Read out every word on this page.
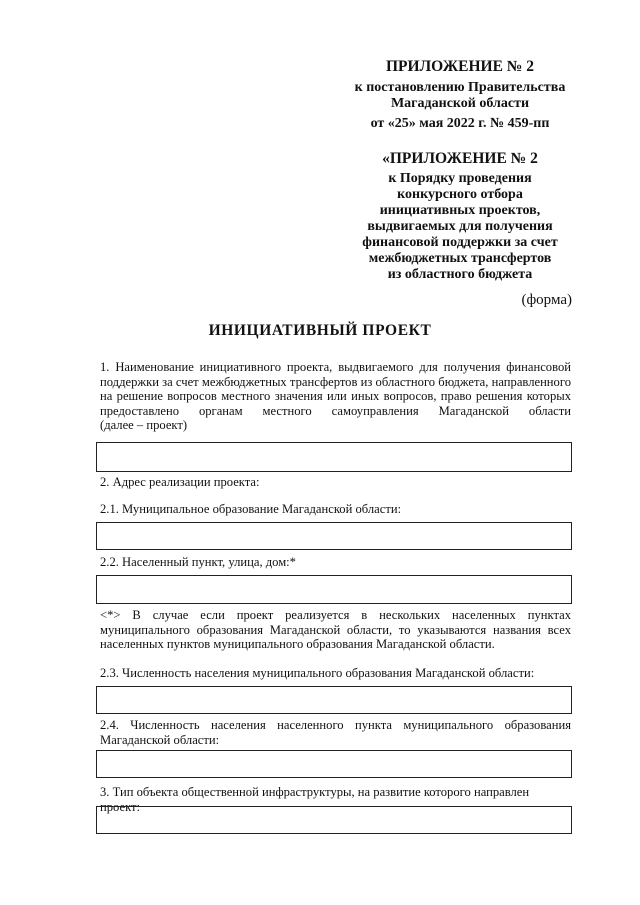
ПРИЛОЖЕНИЕ № 2
к постановлению Правительства
Магаданской области
от «25» мая 2022 г. № 459-пп
«ПРИЛОЖЕНИЕ № 2
к Порядку проведения
конкурсного отбора
инициативных проектов,
выдвигаемых для получения
финансовой поддержки за счет
межбюджетных трансфертов
из областного бюджета
(форма)
ИНИЦИАТИВНЫЙ ПРОЕКТ
1. Наименование инициативного проекта, выдвигаемого для получения финансовой
поддержки за счет межбюджетных трансфертов из областного бюджета, направленного
на решение вопросов местного значения или иных вопросов, право решения которых
предоставлено органам местного самоуправления Магаданской области
(далее – проект)
2. Адрес реализации проекта:
2.1. Муниципальное образование Магаданской области:
2.2. Населенный пункт, улица, дом:*
<*> В случае если проект реализуется в нескольких населенных пунктах
муниципального образования Магаданской области, то указываются названия всех
населенных пунктов муниципального образования Магаданской области.
2.3. Численность населения муниципального образования Магаданской области:
2.4. Численность населения населенного пункта муниципального образования
Магаданской области:
3. Тип объекта общественной инфраструктуры, на развитие которого направлен проект:
